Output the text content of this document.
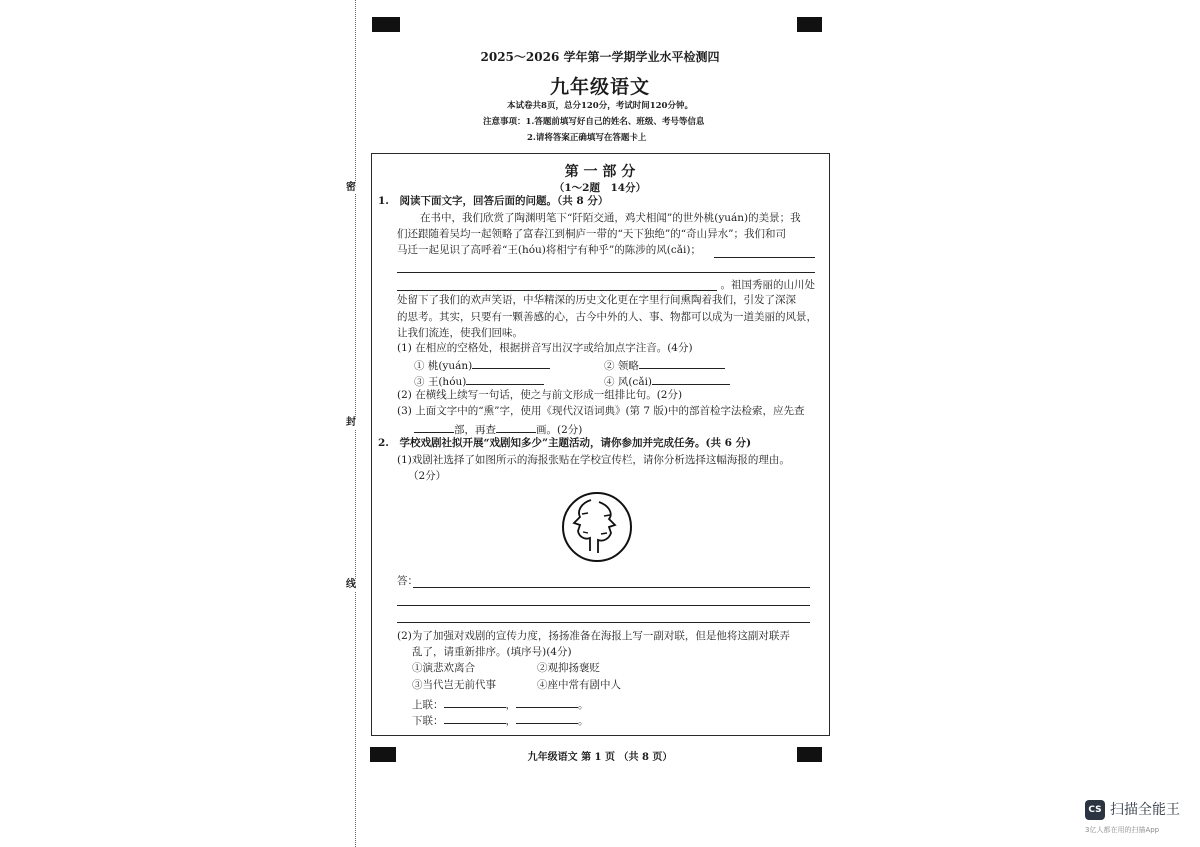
密
封
线
2025～2026 学年第一学期学业水平检测四
九年级语文
本试卷共8页，总分120分，考试时间120分钟。
注意事项：1.答题前填写好自己的姓名、班级、考号等信息
2.请将答案正确填写在答题卡上
第 一 部 分
（1～2题　14分）
1.　阅读下面文字，回答后面的问题。（共 8 分）
在书中，我们欣赏了陶渊明笔下“阡陌交通，鸡犬相闻”的世外桃(yuán)的美景；我
们还跟随着吴均一起领略了富春江到桐庐一带的“天下独绝”的“奇山异水”；我们和司
马迁一起见识了高呼着“王(hóu)将相宁有种乎”的陈涉的风(cǎi)；
。祖国秀丽的山川处
处留下了我们的欢声笑语，中华精深的历史文化更在字里行间熏陶着我们，引发了深深
的思考。其实，只要有一颗善感的心，古今中外的人、事、物都可以成为一道美丽的风景，
让我们流连，使我们回味。
(1) 在相应的空格处，根据拼音写出汉字或给加点字注音。(4分)
① 桃(yuán)	② 领略
③ 王(hóu)	④ 风(cǎi)
(2) 在横线上续写一句话，使之与前文形成一组排比句。(2分)
(3) 上面文字中的“熏”字，使用《现代汉语词典》(第 7 版)中的部首检字法检索，应先查
部，再查	画。(2分)
2.　学校戏剧社拟开展“戏剧知多少”主题活动，请你参加并完成任务。(共 6 分)
(1)戏剧社选择了如图所示的海报张贴在学校宣传栏，请你分析选择这幅海报的理由。
（2分）
答：
(2)为了加强对戏剧的宣传力度，扬扬准备在海报上写一副对联，但是他将这副对联弄
乱了，请重新排序。(填序号)(4分)
①演悲欢离合	②观抑扬褒贬
③当代岂无前代事	④座中常有剧中人
上联：	，	。
下联：	，	。
九年级语文 第 1 页 （共 8 页）
CS 扫描全能王
3亿人都在用的扫描App
